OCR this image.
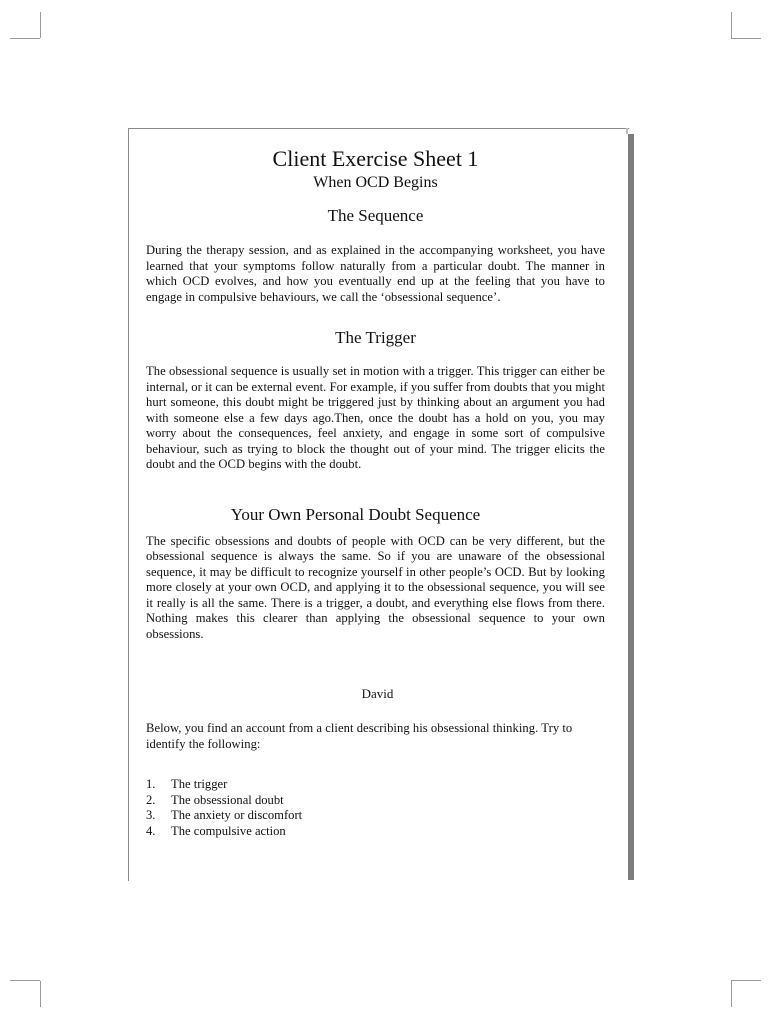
Client Exercise Sheet 1
When OCD Begins
The Sequence

During the therapy session, and as explained in the accompanying worksheet, you have learned that your symptoms follow naturally from a particular doubt. The manner in which OCD evolves, and how you eventually end up at the feeling that you have to engage in compulsive behaviours, we call the ‘obsessional sequence’.

The Trigger

The obsessional sequence is usually set in motion with a trigger. This trigger can either be internal, or it can be external event. For example, if you suffer from doubts that you might hurt someone, this doubt might be triggered just by thinking about an argument you had with someone else a few days ago.Then, once the doubt has a hold on you, you may worry about the consequences, feel anxiety, and engage in some sort of compulsive behaviour, such as trying to block the thought out of your mind. The trigger elicits the doubt and the OCD begins with the doubt.

Your Own Personal Doubt Sequence

The specific obsessions and doubts of people with OCD can be very different, but the obsessional sequence is always the same. So if you are unaware of the obsessional sequence, it may be difficult to recognize yourself in other people’s OCD. But by looking more closely at your own OCD, and applying it to the obsessional sequence, you will see it really is all the same. There is a trigger, a doubt, and everything else flows from there. Nothing makes this clearer than applying the obsessional sequence to your own obsessions.

David

Below, you find an account from a client describing his obsessional thinking. Try to identify the following:

1.	The trigger
2.	The obsessional doubt
3.	The anxiety or discomfort
4.	The compulsive action
